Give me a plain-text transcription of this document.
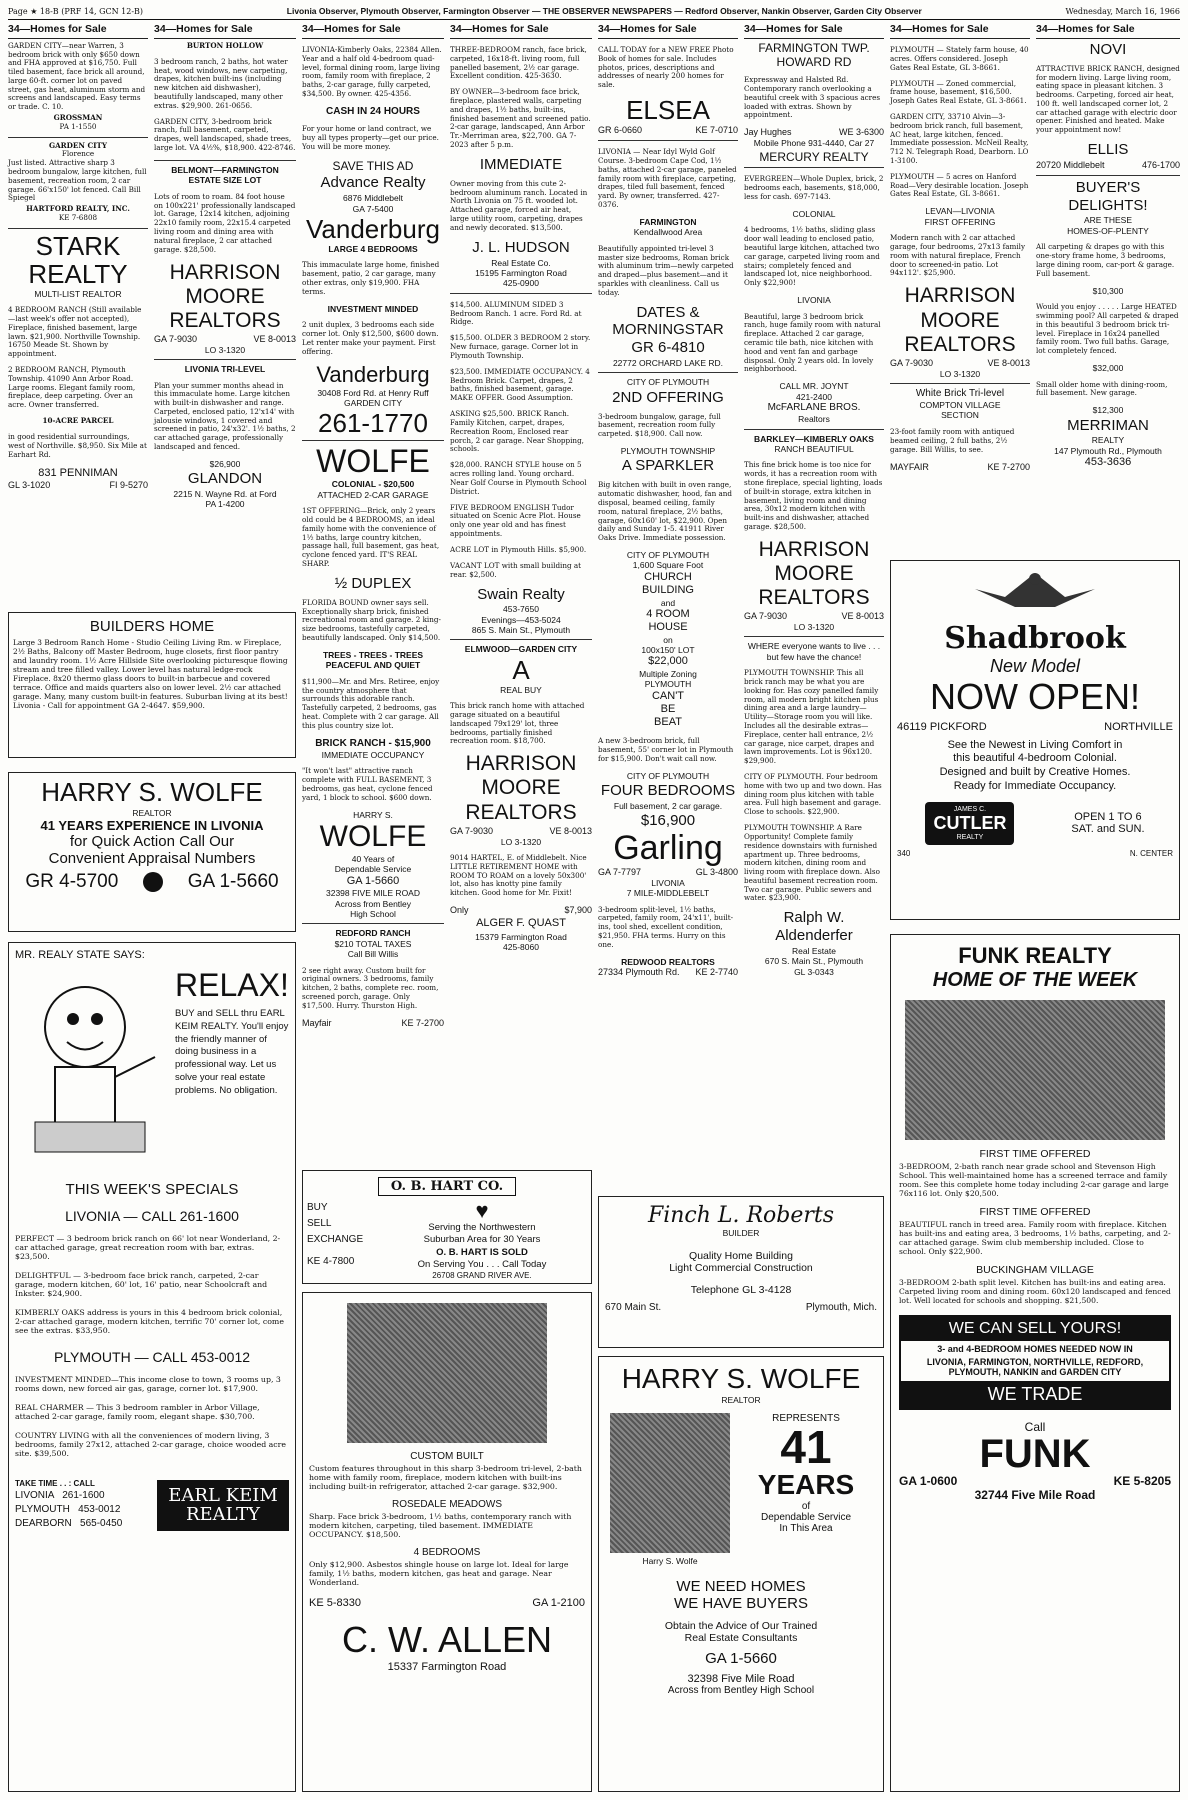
Page ★ 18-B (PRF 14, GCN 12-B)	Livonia Observer, Plymouth Observer, Farmington Observer — THE OBSERVER NEWSPAPERS — Redford Observer, Nankin Observer, Garden City Observer	Wednesday, March 16, 1966
34—Homes for Sale

GARDEN CITY—near Warren, 3 bedroom brick with only $650 down and FHA approved at $16,750. Full tiled basement, face brick all around, large 60-ft. corner lot on paved street, gas heat, aluminum storm and screens and landscaped. Easy terms or trade. C. 10.

GROSSMAN
PA 1-1550
GARDEN CITY
Florence

Just listed. Attractive sharp 3 bedroom bungalow, large kitchen, full basement, recreation room, 2 car garage. 66'x150' lot fenced. Call Bill Spiegel

HARTFORD REALTY, INC.
KE 7-6808
STARK
REALTY
MULTI-LIST REALTOR

4 BEDROOM RANCH (Still available—last week's offer not accepted), Fireplace, finished basement, large lawn. $21,900. Northville Township. 16750 Meade St. Shown by appointment.

2 BEDROOM RANCH, Plymouth Township. 41090 Ann Arbor Road. Large rooms. Elegant family room, fireplace, deep carpeting. Over an acre. Owner transferred.

10-ACRE PARCEL

in good residential surroundings, west of Northville. $8,950. Six Mile at Earhart Rd.

831 PENNIMAN
GL 3-1020	FI 9-5270
34—Homes for Sale
BURTON HOLLOW

3 bedroom ranch, 2 baths, hot water heat, wood windows, new carpeting, drapes, kitchen built-ins (including new kitchen aid dishwasher), beautifully landscaped, many other extras. $29,900. 261-0656.

GARDEN CITY, 3-bedroom brick ranch, full basement, carpeted, drapes, well landscaped, shade trees, large lot. VA 4½%, $18,900. 422-8746.

BELMONT—FARMINGTON ESTATE SIZE LOT

Lots of room to roam. 84 foot house on 100x221' professionally landscaped lot. Garage, 12x14 kitchen, adjoining 22x10 family room, 22x15.4 carpeted living room and dining area with natural fireplace, 2 car attached garage. $28,500.

HARRISON
MOORE
REALTORS
GA 7-9030	VE 8-0013
LO 3-1320
LIVONIA TRI-LEVEL

Plan your summer months ahead in this immaculate home. Large kitchen with built-in dishwasher and range. Carpeted, enclosed patio, 12'x14' with jalousie windows, 1 covered and screened in patio, 24'x32'. 1½ baths, 2 car attached garage, professionally landscaped and fenced.

$26,900
GLANDON
2215 N. Wayne Rd. at Ford
PA 1-4200
34—Homes for Sale

LIVONIA-Kimberly Oaks, 22384 Allen. Year and a half old 4-bedroom quad-level, formal dining room, large living room, family room with fireplace, 2 baths, 2-car garage, fully carpeted, $34,500. By owner. 425-4356.

CASH IN 24 HOURS

For your home or land contract, we buy all types property—get our price. You will be more money.

SAVE THIS AD
Advance Realty
6876 Middlebelt
GA 7-5400
Vanderburg
LARGE 4 BEDROOMS

This immaculate large home, finished basement, patio, 2 car garage, many other extras, only $19,900. FHA terms.

INVESTMENT MINDED

2 unit duplex, 3 bedrooms each side corner lot. Only $12,500, $600 down. Let renter make your payment. First offering.

Vanderburg
30408 Ford Rd. at Henry Ruff
GARDEN CITY
261-1770
WOLFE
COLONIAL - $20,500
ATTACHED 2-CAR GARAGE

1ST OFFERING—Brick, only 2 years old could be 4 BEDROOMS, an ideal family home with the convenience of 1½ baths, large country kitchen, passage hall, full basement, gas heat, cyclone fenced yard. IT'S REAL SHARP.

½ DUPLEX

FLORIDA BOUND owner says sell. Exceptionally sharp brick, finished recreational room and garage. 2 king-size bedrooms, tastefully carpeted, beautifully landscaped. Only $14,500.

TREES - TREES - TREES PEACEFUL AND QUIET

$11,900—Mr. and Mrs. Retiree, enjoy the country atmosphere that surrounds this adorable ranch. Tastefully carpeted, 2 bedrooms, gas heat. Complete with 2 car garage. All this plus country size lot.

BRICK RANCH - $15,900
IMMEDIATE OCCUPANCY

"It won't last" attractive ranch complete with FULL BASEMENT, 3 bedrooms, gas heat, cyclone fenced yard, 1 block to school. $600 down.

HARRY S.
WOLFE
40 Years of
Dependable Service
GA 1-5660
32398 FIVE MILE ROAD
Across from Bentley
High School
REDFORD RANCH
$210 TOTAL TAXES
Call Bill Willis

2 see right away. Custom built for original owners. 3 bedrooms, family kitchen, 2 baths, complete rec. room, screened porch, garage. Only $17,500. Hurry. Thurston High.

Mayfair	KE 7-2700
34—Homes for Sale

THREE-BEDROOM ranch, face brick, carpeted, 16x18-ft. living room, full panelled basement, 2½ car garage. Excellent condition. 425-3630.

BY OWNER—3-bedroom face brick, fireplace, plastered walls, carpeting and drapes, 1½ baths, built-ins, finished basement and screened patio. 2-car garage, landscaped, Ann Arbor Tr.-Merriman area, $22,700. GA 7-2023 after 5 p.m.

IMMEDIATE

Owner moving from this cute 2-bedroom aluminum ranch. Located in North Livonia on 75 ft. wooded lot. Attached garage, forced air heat, large utility room, carpeting, drapes and newly decorated. $13,500.

J. L. HUDSON
Real Estate Co.
15195 Farmington Road
425-0900

$14,500. ALUMINUM SIDED 3 Bedroom Ranch. 1 acre. Ford Rd. at Ridge.

$15,500. OLDER 3 BEDROOM 2 story. New furnace, garage. Corner lot in Plymouth Township.

$23,500. IMMEDIATE OCCUPANCY. 4 Bedroom Brick. Carpet, drapes, 2 baths, finished basement, garage. MAKE OFFER. Good Assumption.

ASKING $25,500. BRICK Ranch. Family Kitchen, carpet, drapes, Recreation Room, Enclosed rear porch, 2 car garage. Near Shopping, schools.

$28,000. RANCH STYLE house on 5 acres rolling land. Young orchard. Near Golf Course in Plymouth School District.

FIVE BEDROOM ENGLISH Tudor situated on Scenic Acre Plot. House only one year old and has finest appointments.

ACRE LOT in Plymouth Hills. $5,900.

VACANT LOT with small building at rear. $2,500.

Swain Realty
453-7650
Evenings—453-5024
865 S. Main St., Plymouth
ELMWOOD—GARDEN CITY
A
REAL BUY

This brick ranch home with attached garage situated on a beautiful landscaped 79x129' lot, three bedrooms, partially finished recreation room. $18,700.

HARRISON
MOORE
REALTORS
GA 7-9030	VE 8-0013
LO 3-1320

9014 HARTEL, E. of Middlebelt. Nice LITTLE RETIREMENT HOME with ROOM TO ROAM on a lovely 50x300' lot, also has knotty pine family kitchen. Good home for Mr. Fixit!

Only	$7,900
ALGER F. QUAST
15379 Farmington Road
425-8060
34—Homes for Sale

CALL TODAY for a NEW FREE Photo Book of homes for sale. Includes photos, prices, descriptions and addresses of nearly 200 homes for sale.

ELSEA
GR 6-0660	KE 7-0710

LIVONIA — Near Idyl Wyld Golf Course. 3-bedroom Cape Cod, 1½ baths, attached 2-car garage, paneled family room with fireplace, carpeting, drapes, tiled full basement, fenced yard. By owner, transferred. 427-0376.

FARMINGTON
Kendallwood Area

Beautifully appointed tri-level 3 master size bedrooms, Roman brick with aluminum trim—newly carpeted and draped—plus basement—and it sparkles with cleanliness. Call us today.

DATES &
MORNINGSTAR
GR 6-4810
22772 ORCHARD LAKE RD.
CITY OF PLYMOUTH
2ND OFFERING

3-bedroom bungalow, garage, full basement, recreation room fully carpeted. $18,900. Call now.

PLYMOUTH TOWNSHIP
A SPARKLER

Big kitchen with built in oven range, automatic dishwasher, hood, fan and disposal, beamed ceiling, family room, natural fireplace, 2½ baths, garage, 60x160' lot, $22,900. Open daily and Sunday 1-5. 41911 River Oaks Drive. Immediate possession.

CITY OF PLYMOUTH
1,600 Square Foot
CHURCH
BUILDING
and
4 ROOM
HOUSE
on
100x150' LOT
$22,000
Multiple Zoning
PLYMOUTH
CAN'T
BE
BEAT

A new 3-bedroom brick, full basement, 55' corner lot in Plymouth for $15,900. Don't wait call now.

CITY OF PLYMOUTH
FOUR BEDROOMS
Full basement, 2 car garage.
$16,900
Garling
GA 7-7797	GL 3-4800
LIVONIA
7 MILE-MIDDLEBELT

3-bedroom split-level, 1½ baths, carpeted, family room, 24'x11', built-ins, tool shed, excellent condition, $21,950. FHA terms. Hurry on this one.

REDWOOD REALTORS
27334 Plymouth Rd. KE 2-7740
34—Homes for Sale
FARMINGTON TWP.
HOWARD RD

Expressway and Halsted Rd. Contemporary ranch overlooking a beautiful creek with 3 spacious acres loaded with extras. Shown by appointment.

Jay Hughes	WE 3-6300
Mobile Phone 931-4440, Car 27
MERCURY REALTY

EVERGREEN—Whole Duplex, brick, 2 bedrooms each, basements, $18,000, less for cash. 697-7143.

COLONIAL

4 bedrooms, 1½ baths, sliding glass door wall leading to enclosed patio, beautiful large kitchen, attached two car garage, carpeted living room and stairs; completely fenced and landscaped lot, nice neighborhood. Only $22,900!

LIVONIA

Beautiful, large 3 bedroom brick ranch, huge family room with natural fireplace. Attached 2 car garage, ceramic tile bath, nice kitchen with hood and vent fan and garbage disposal. Only 2 years old. In lovely neighborhood.

CALL MR. JOYNT
421-2400
McFARLANE BROS.
Realtors
BARKLEY—KIMBERLY OAKS
RANCH BEAUTIFUL

This fine brick home is too nice for words, it has a recreation room with stone fireplace, special lighting, loads of built-in storage, extra kitchen in basement, living room and dining area, 30x12 modern kitchen with built-ins and dishwasher, attached garage. $28,500.

HARRISON
MOORE
REALTORS
GA 7-9030	VE 8-0013
LO 3-1320
WHERE everyone wants to live . . . but few have the chance!

PLYMOUTH TOWNSHIP. This all brick ranch may be what you are looking for. Has cozy panelled family room, all modern bright kitchen plus dining area and a large laundry—Utility—Storage room you will like. Includes all the desirable extras—Fireplace, center hall entrance, 2½ car garage, nice carpet, drapes and lawn improvements. Lot is 96x120. $29,900.

CITY OF PLYMOUTH. Four bedroom home with two up and two down. Has dining room plus kitchen with table area. Full high basement and garage. Close to schools. $22,900.

PLYMOUTH TOWNSHIP. A Rare Opportunity! Complete family residence downstairs with furnished apartment up. Three bedrooms, modern kitchen, dining room and living room with fireplace down. Also beautiful basement recreation room. Two car garage. Public sewers and water. $23,900.

Ralph W.
Aldenderfer
Real Estate
670 S. Main St., Plymouth
GL 3-0343
34—Homes for Sale

PLYMOUTH — Stately farm house, 40 acres. Offers considered. Joseph Gates Real Estate, GL 3-8661.

PLYMOUTH — Zoned commercial, frame house, basement, $16,500. Joseph Gates Real Estate, GL 3-8661.

GARDEN CITY, 33710 Alvin—3-bedroom brick ranch, full basement, AC heat, large kitchen, fenced. Immediate possession. McNeil Realty, 712 N. Telegraph Road, Dearborn. LO 1-3100.

PLYMOUTH — 5 acres on Hanford Road—Very desirable location. Joseph Gates Real Estate, GL 3-8661.

LEVAN—LIVONIA
FIRST OFFERING

Modern ranch with 2 car attached garage, four bedrooms, 27x13 family room with natural fireplace, French door to screened-in patio. Lot 94x112'. $25,900.

HARRISON
MOORE
REALTORS
GA 7-9030	VE 8-0013
LO 3-1320
White Brick Tri-level
COMPTON VILLAGE
SECTION

23-foot family room with antiqued beamed ceiling, 2 full baths, 2½ garage. Bill Willis, to see.

MAYFAIR	KE 7-2700
34—Homes for Sale
NOVI

ATTRACTIVE BRICK RANCH, designed for modern living. Large living room, eating space in pleasant kitchen. 3 bedrooms. Carpeting, forced air heat, 100 ft. well landscaped corner lot, 2 car attached garage with electric door opener. Finished and heated. Make your appointment now!

ELLIS
20720 Middlebelt	476-1700
BUYER'S
DELIGHTS!
ARE THESE
HOMES-OF-PLENTY

All carpeting & drapes go with this one-story frame home, 3 bedrooms, large dining room, car-port & garage. Full basement.

$10,300

Would you enjoy . . . . . Large HEATED swimming pool? All carpeted & draped in this beautiful 3 bedroom brick tri-level. Fireplace in 16x24 panelled family room. Two full baths. Garage, lot completely fenced.

$32,000

Small older home with dining-room, full basement. New garage.

$12,300
MERRIMAN
REALTY
147 Plymouth Rd., Plymouth
453-3636
BUILDERS HOME

Large 3 Bedroom Ranch Home - Studio Ceiling Living Rm. w Fireplace, 2½ Baths, Balcony off Master Bedroom, huge closets, first floor pantry and laundry room. 1½ Acre Hillside Site overlooking picturesque flowing stream and tree filled valley. Lower level has natural ledge-rock Fireplace. 8x20 thermo glass doors to built-in barbecue and covered terrace. Office and maids quarters also on lower level. 2½ car attached garage. Many, many custom built-in features. Suburban living at its best! Livonia - Call for appointment GA 2-4647. $59,900.

HARRY S. WOLFE
REALTOR
41 YEARS EXPERIENCE IN LIVONIA
for Quick Action Call Our
Convenient Appraisal Numbers
GR 4-5700	GA 1-5660
MR. REALY STATE SAYS:
RELAX!

BUY and SELL thru EARL KEIM REALTY. You'll enjoy the friendly manner of doing business in a professional way. Let us solve your real estate problems. No obligation.

THIS WEEK'S SPECIALS
LIVONIA — CALL 261-1600

PERFECT — 3 bedroom brick ranch on 66' lot near Wonderland, 2-car attached garage, great recreation room with bar, extras. $23,500.

DELIGHTFUL — 3-bedroom face brick ranch, carpeted, 2-car garage, modern kitchen, 60' lot, 16' patio, near Schoolcraft and Inkster. $24,900.

KIMBERLY OAKS address is yours in this 4 bedroom brick colonial, 2-car attached garage, modern kitchen, terrific 70' corner lot, come see the extras. $33,950.

PLYMOUTH — CALL 453-0012

INVESTMENT MINDED—This income close to town, 3 rooms up, 3 rooms down, new forced air gas, garage, corner lot. $17,900.

REAL CHARMER — This 3 bedroom rambler in Arbor Village, attached 2-car garage, family room, elegant shape. $30,700.

COUNTRY LIVING with all the conveniences of modern living, 3 bedrooms, family 27x12, attached 2-car garage, choice wooded acre site. $39,500.

TAKE TIME . . : CALL
LIVONIA 261-1600
PLYMOUTH 453-0012
DEARBORN 565-0450
EARL KEIM
REALTY
O. B. HART CO.
BUY
SELL
EXCHANGE
KE 4-7800
♥
Serving the Northwestern
Suburban Area for 30 Years
O. B. HART IS SOLD
On Serving You . . . Call Today
26708 GRAND RIVER AVE.
CUSTOM BUILT

Custom features throughout in this sharp 3-bedroom tri-level, 2-bath home with family room, fireplace, modern kitchen with built-ins including built-in refrigerator, attached 2-car garage. $32,900.

ROSEDALE MEADOWS

Sharp. Face brick 3-bedroom, 1½ baths, contemporary ranch with modern kitchen, carpeting, tiled basement. IMMEDIATE OCCUPANCY. $18,500.

4 BEDROOMS

Only $12,900. Asbestos shingle house on large lot. Ideal for large family, 1½ baths, modern kitchen, gas heat and garage. Near Wonderland.

KE 5-8330	GA 1-2100
C. W. ALLEN
15337 Farmington Road
Finch L. Roberts
BUILDER
Quality Home Building
Light Commercial Construction
Telephone GL 3-4128
670 Main St.	Plymouth, Mich.
HARRY S. WOLFE
REALTOR
Harry S. Wolfe
REPRESENTS
41
YEARS
of
Dependable Service
In This Area
WE NEED HOMES
WE HAVE BUYERS
Obtain the Advice of Our Trained
Real Estate Consultants
GA 1-5660
32398 Five Mile Road
Across from Bentley High School
Shadbrook
New Model
NOW OPEN!
46119 PICKFORD	NORTHVILLE
See the Newest in Living Comfort in
this beautiful 4-bedroom Colonial.
Designed and built by Creative Homes.
Ready for Immediate Occupancy.
JAMES C.
CUTLER
REALTY
OPEN 1 TO 6
SAT. and SUN.
340	N. CENTER
FUNK REALTY
HOME OF THE WEEK
FIRST TIME OFFERED

3-BEDROOM, 2-bath ranch near grade school and Stevenson High School. This well-maintained home has a screened terrace and family room. See this complete home today including 2-car garage and large 76x116 lot. Only $20,500.

FIRST TIME OFFERED

BEAUTIFUL ranch in treed area. Family room with fireplace. Kitchen has built-ins and eating area, 3 bedrooms, 1½ baths, carpeting, and 2-car attached garage. Swim club membership included. Close to school. Only $22,900.

BUCKINGHAM VILLAGE

3-BEDROOM 2-bath split level. Kitchen has built-ins and eating area. Carpeted living room and dining room. 60x120 landscaped and fenced lot. Well located for schools and shopping. $21,500.

WE CAN SELL YOURS!
3- and 4-BEDROOM HOMES NEEDED NOW IN
LIVONIA, FARMINGTON, NORTHVILLE, REDFORD, PLYMOUTH, NANKIN and GARDEN CITY
WE TRADE
Call
FUNK
GA 1-0600	KE 5-8205
32744 Five Mile Road
